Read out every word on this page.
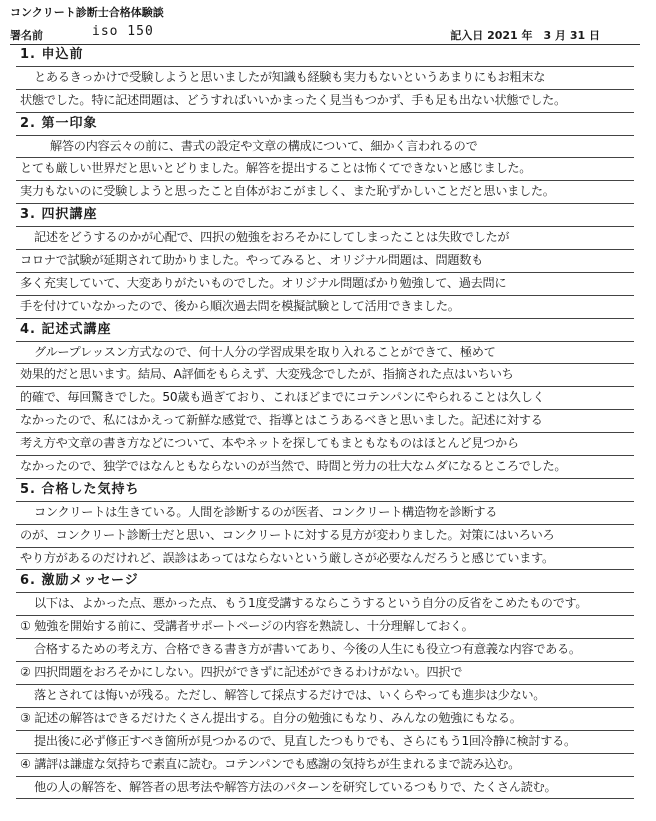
コンクリート診断士合格体験談
署名前	iso 150	記入日 2021 年　3 月 31 日
1. 申込前
とあるきっかけで受験しようと思いましたが知識も経験も実力もないというあまりにもお粗末な
状態でした。特に記述問題は、どうすればいいかまったく見当もつかず、手も足も出ない状態でした。
2. 第一印象
解答の内容云々の前に、書式の設定や文章の構成について、細かく言われるので
とても厳しい世界だと思いとどりました。解答を提出することは怖くてできないと感じました。
実力もないのに受験しようと思ったこと自体がおこがましく、また恥ずかしいことだと思いました。
3. 四択講座
記述をどうするのかが心配で、四択の勉強をおろそかにしてしまったことは失敗でしたが
コロナで試験が延期されて助かりました。やってみると、オリジナル問題は、問題数も
多く充実していて、大変ありがたいものでした。オリジナル問題ばかり勉強して、過去問に
手を付けていなかったので、後から順次過去問を模擬試験として活用できました。
4. 記述式講座
グループレッスン方式なので、何十人分の学習成果を取り入れることができて、極めて
効果的だと思います。結局、A評価をもらえず、大変残念でしたが、指摘された点はいちいち
的確で、毎回驚きでした。50歳も過ぎており、これほどまでにコテンパンにやられることは久しく
なかったので、私にはかえって新鮮な感覚で、指導とはこうあるべきと思いました。記述に対する
考え方や文章の書き方などについて、本やネットを探してもまともなものはほとんど見つから
なかったので、独学ではなんともならないのが当然で、時間と労力の壮大なムダになるところでした。
5. 合格した気持ち
コンクリートは生きている。人間を診断するのが医者、コンクリート構造物を診断する
のが、コンクリート診断士だと思い、コンクリートに対する見方が変わりました。対策にはいろいろ
やり方があるのだけれど、誤診はあってはならないという厳しさが必要なんだろうと感じています。
6. 激励メッセージ
以下は、よかった点、悪かった点、もう1度受講するならこうするという自分の反省をこめたものです。
① 勉強を開始する前に、受講者サポートページの内容を熟読し、十分理解しておく。
合格するための考え方、合格できる書き方が書いてあり、今後の人生にも役立つ有意義な内容である。
② 四択問題をおろそかにしない。四択ができずに記述ができるわけがない。四択で
落とされては悔いが残る。ただし、解答して採点するだけでは、いくらやっても進歩は少ない。
③ 記述の解答はできるだけたくさん提出する。自分の勉強にもなり、みんなの勉強にもなる。
提出後に必ず修正すべき箇所が見つかるので、見直したつもりでも、さらにもう1回冷静に検討する。
④ 講評は謙虚な気持ちで素直に読む。コテンパンでも感謝の気持ちが生まれるまで読み込む。
他の人の解答を、解答者の思考法や解答方法のパターンを研究しているつもりで、たくさん読む。
